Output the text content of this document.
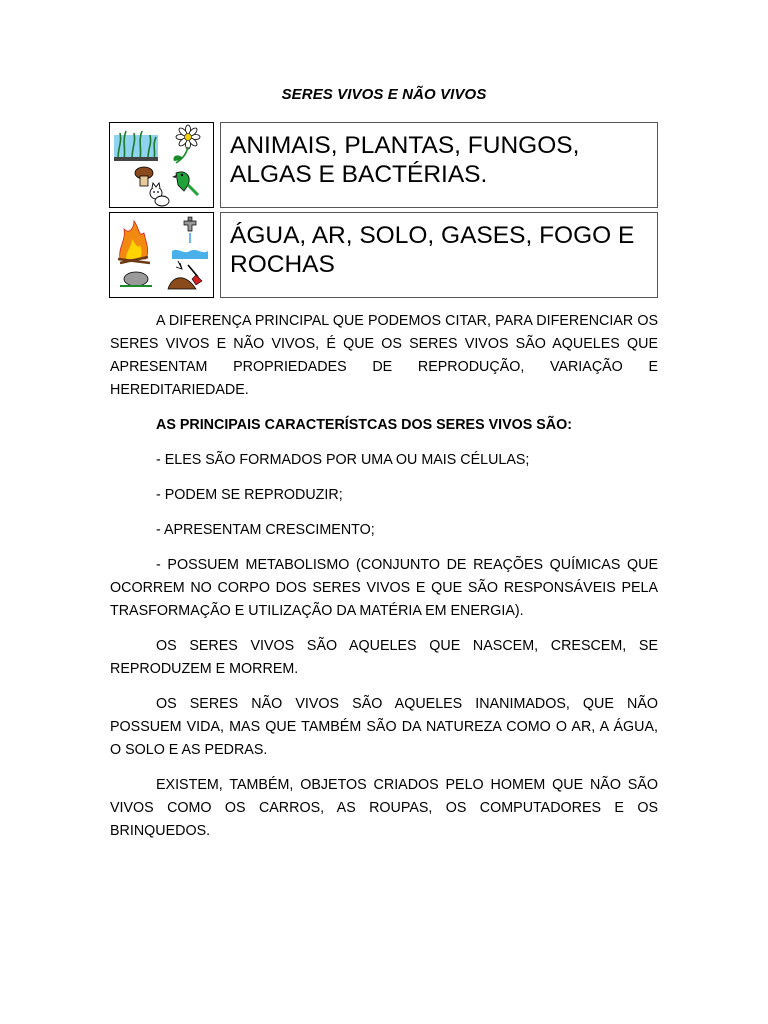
SERES VIVOS E NÃO VIVOS
ANIMAIS, PLANTAS, FUNGOS, ALGAS E BACTÉRIAS.
ÁGUA, AR, SOLO, GASES, FOGO E ROCHAS

A DIFERENÇA PRINCIPAL QUE PODEMOS CITAR, PARA DIFERENCIAR OS SERES VIVOS E NÃO VIVOS, É QUE OS SERES VIVOS SÃO AQUELES QUE APRESENTAM PROPRIEDADES DE REPRODUÇÃO, VARIAÇÃO E HEREDITARIEDADE.

AS PRINCIPAIS CARACTERÍSTCAS DOS SERES VIVOS SÃO:

- ELES SÃO FORMADOS POR UMA OU MAIS CÉLULAS;

- PODEM SE REPRODUZIR;

- APRESENTAM CRESCIMENTO;

- POSSUEM METABOLISMO (CONJUNTO DE REAÇÕES QUÍMICAS QUE OCORREM NO CORPO DOS SERES VIVOS E QUE SÃO RESPONSÁVEIS PELA TRASFORMAÇÃO E UTILIZAÇÃO DA MATÉRIA EM ENERGIA).

OS SERES VIVOS SÃO AQUELES QUE NASCEM, CRESCEM, SE REPRODUZEM E MORREM.

OS SERES NÃO VIVOS SÃO AQUELES INANIMADOS, QUE NÃO POSSUEM VIDA, MAS QUE TAMBÉM SÃO DA NATUREZA COMO O AR, A ÁGUA, O SOLO E AS PEDRAS.

EXISTEM, TAMBÉM, OBJETOS CRIADOS PELO HOMEM QUE NÃO SÃO VIVOS COMO OS CARROS, AS ROUPAS, OS COMPUTADORES E OS BRINQUEDOS.
